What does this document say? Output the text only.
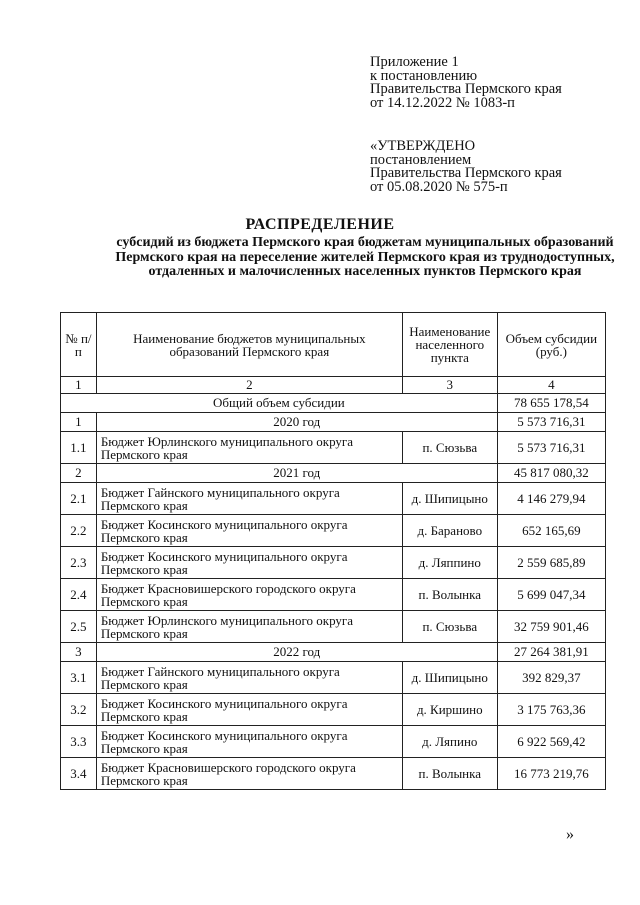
Приложение 1
к постановлению
Правительства Пермского края
от 14.12.2022 № 1083-п
«УТВЕРЖДЕНО
постановлением
Правительства Пермского края
от 05.08.2020 № 575-п
РАСПРЕДЕЛЕНИЕ
субсидий из бюджета Пермского края бюджетам муниципальных образований Пермского края на переселение жителей Пермского края из труднодоступных, отдаленных и малочисленных населенных пунктов Пермского края
№ п/п	Наименование бюджетов муниципальных образований Пермского края	Наименование населенного пункта	Объем субсидии (руб.)
1	2	3	4
Общий объем субсидии			78 655 178,54
1	2020 год		5 573 716,31
1.1	Бюджет Юрлинского муниципального округа Пермского края	п. Сюзьва	5 573 716,31
2	2021 год		45 817 080,32
2.1	Бюджет Гайнского муниципального округа Пермского края	д. Шипицыно	4 146 279,94
2.2	Бюджет Косинского муниципального округа Пермского края	д. Бараново	652 165,69
2.3	Бюджет Косинского муниципального округа Пермского края	д. Ляппино	2 559 685,89
2.4	Бюджет Красновишерского городского округа Пермского края	п. Волынка	5 699 047,34
2.5	Бюджет Юрлинского муниципального округа Пермского края	п. Сюзьва	32 759 901,46
3	2022 год		27 264 381,91
3.1	Бюджет Гайнского муниципального округа Пермского края	д. Шипицыно	392 829,37
3.2	Бюджет Косинского муниципального округа Пермского края	д. Киршино	3 175 763,36
3.3	Бюджет Косинского муниципального округа Пермского края	д. Ляпино	6 922 569,42
3.4	Бюджет Красновишерского городского округа Пермского края	п. Волынка	16 773 219,76
»
